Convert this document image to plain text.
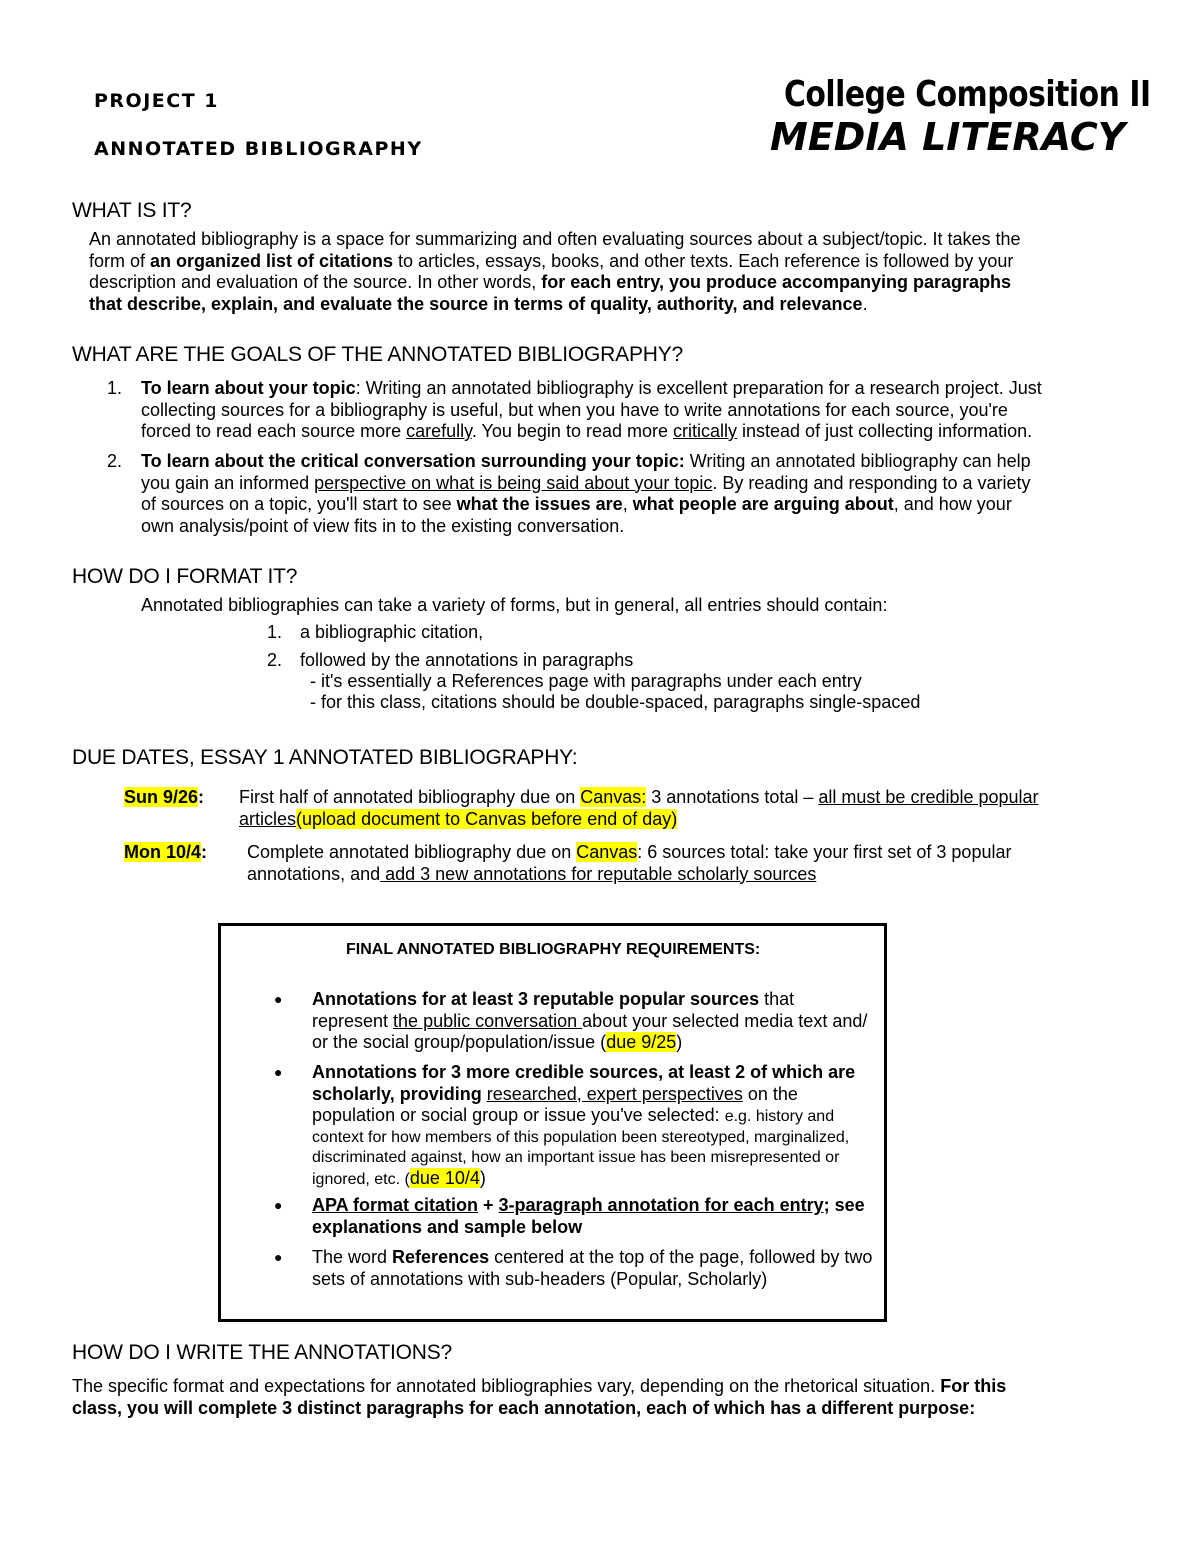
PROJECT 1
ANNOTATED BIBLIOGRAPHY
College Composition II
MEDIA LITERACY
WHAT IS IT?
An annotated bibliography is a space for summarizing and often evaluating sources about a subject/topic. It takes the
form of an organized list of citations to articles, essays, books, and other texts. Each reference is followed by your
description and evaluation of the source. In other words, for each entry, you produce accompanying paragraphs
that describe, explain, and evaluate the source in terms of quality, authority, and relevance.
WHAT ARE THE GOALS OF THE ANNOTATED BIBLIOGRAPHY?
1. To learn about your topic: Writing an annotated bibliography is excellent preparation for a research project. Just
collecting sources for a bibliography is useful, but when you have to write annotations for each source, you're
forced to read each source more carefully. You begin to read more critically instead of just collecting information.
2. To learn about the critical conversation surrounding your topic: Writing an annotated bibliography can help
you gain an informed perspective on what is being said about your topic. By reading and responding to a variety
of sources on a topic, you'll start to see what the issues are, what people are arguing about, and how your
own analysis/point of view fits in to the existing conversation.
HOW DO I FORMAT IT?
Annotated bibliographies can take a variety of forms, but in general, all entries should contain:
1. a bibliographic citation,
2. followed by the annotations in paragraphs
- it's essentially a References page with paragraphs under each entry
- for this class, citations should be double-spaced, paragraphs single-spaced
DUE DATES, ESSAY 1 ANNOTATED BIBLIOGRAPHY:
Sun 9/26: First half of annotated bibliography due on Canvas: 3 annotations total – all must be credible popular
articles(upload document to Canvas before end of day)
Mon 10/4: Complete annotated bibliography due on Canvas: 6 sources total: take your first set of 3 popular
annotations, and add 3 new annotations for reputable scholarly sources
FINAL ANNOTATED BIBLIOGRAPHY REQUIREMENTS:
● Annotations for at least 3 reputable popular sources that
represent the public conversation about your selected media text and/
or the social group/population/issue (due 9/25)
● Annotations for 3 more credible sources, at least 2 of which are
scholarly, providing researched, expert perspectives on the
population or social group or issue you've selected: e.g. history and
context for how members of this population been stereotyped, marginalized,
discriminated against, how an important issue has been misrepresented or
ignored, etc. (due 10/4)
● APA format citation + 3-paragraph annotation for each entry; see
explanations and sample below
● The word References centered at the top of the page, followed by two
sets of annotations with sub-headers (Popular, Scholarly)
HOW DO I WRITE THE ANNOTATIONS?
The specific format and expectations for annotated bibliographies vary, depending on the rhetorical situation. For this
class, you will complete 3 distinct paragraphs for each annotation, each of which has a different purpose:
